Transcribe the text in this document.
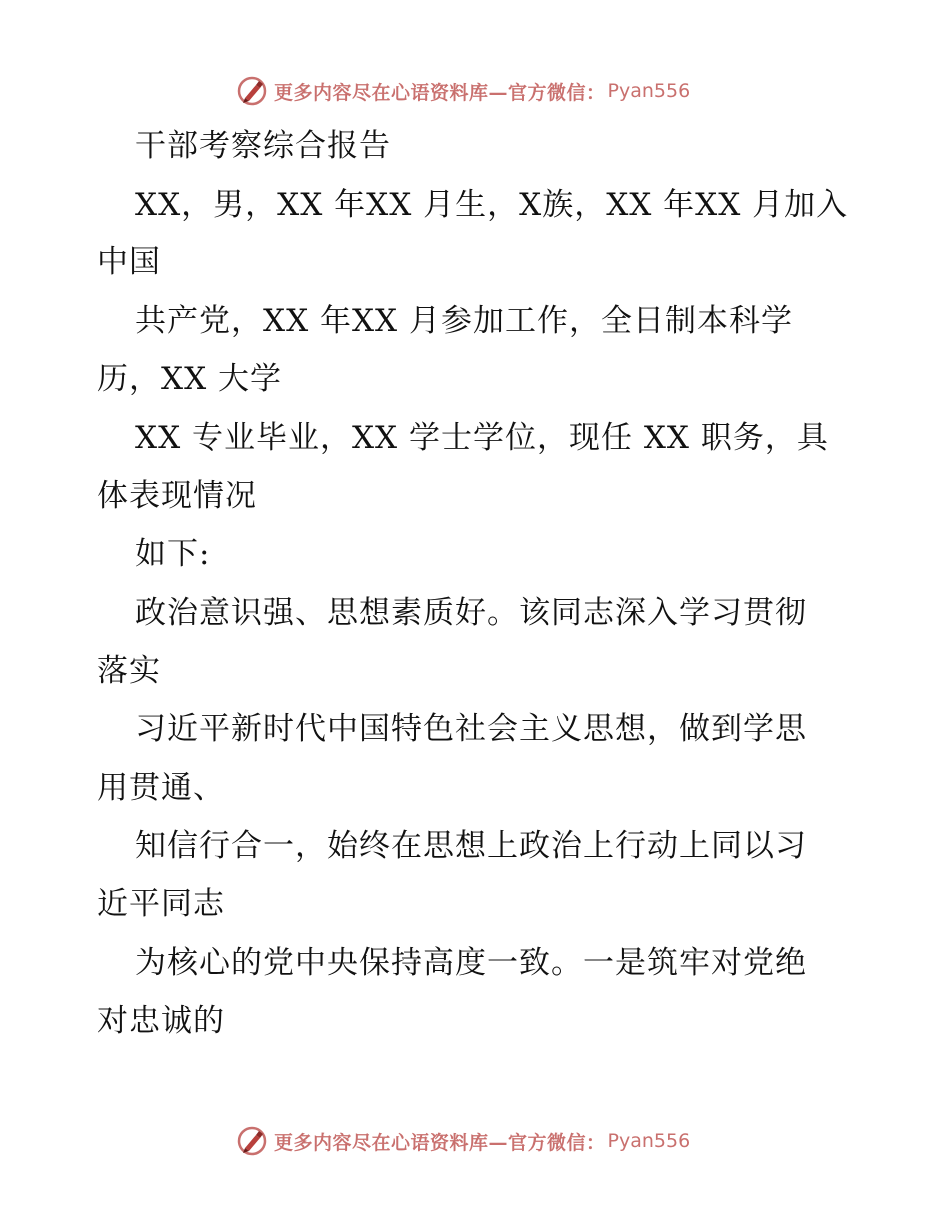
更多内容尽在心语资料库—官方微信： Pyan556
干部考察综合报告
XX，男，XX 年XX 月生，X族，XX 年XX 月加入
中国
共产党，XX 年XX 月参加工作，全日制本科学
历，XX 大学
XX 专业毕业，XX 学士学位，现任 XX 职务，具
体表现情况
如下:
政治意识强、思想素质好。该同志深入学习贯彻
落实
习近平新时代中国特色社会主义思想，做到学思
用贯通、
知信行合一，始终在思想上政治上行动上同以习
近平同志
为核心的党中央保持高度一致。一是筑牢对党绝
对忠诚的
更多内容尽在心语资料库—官方微信： Pyan556
